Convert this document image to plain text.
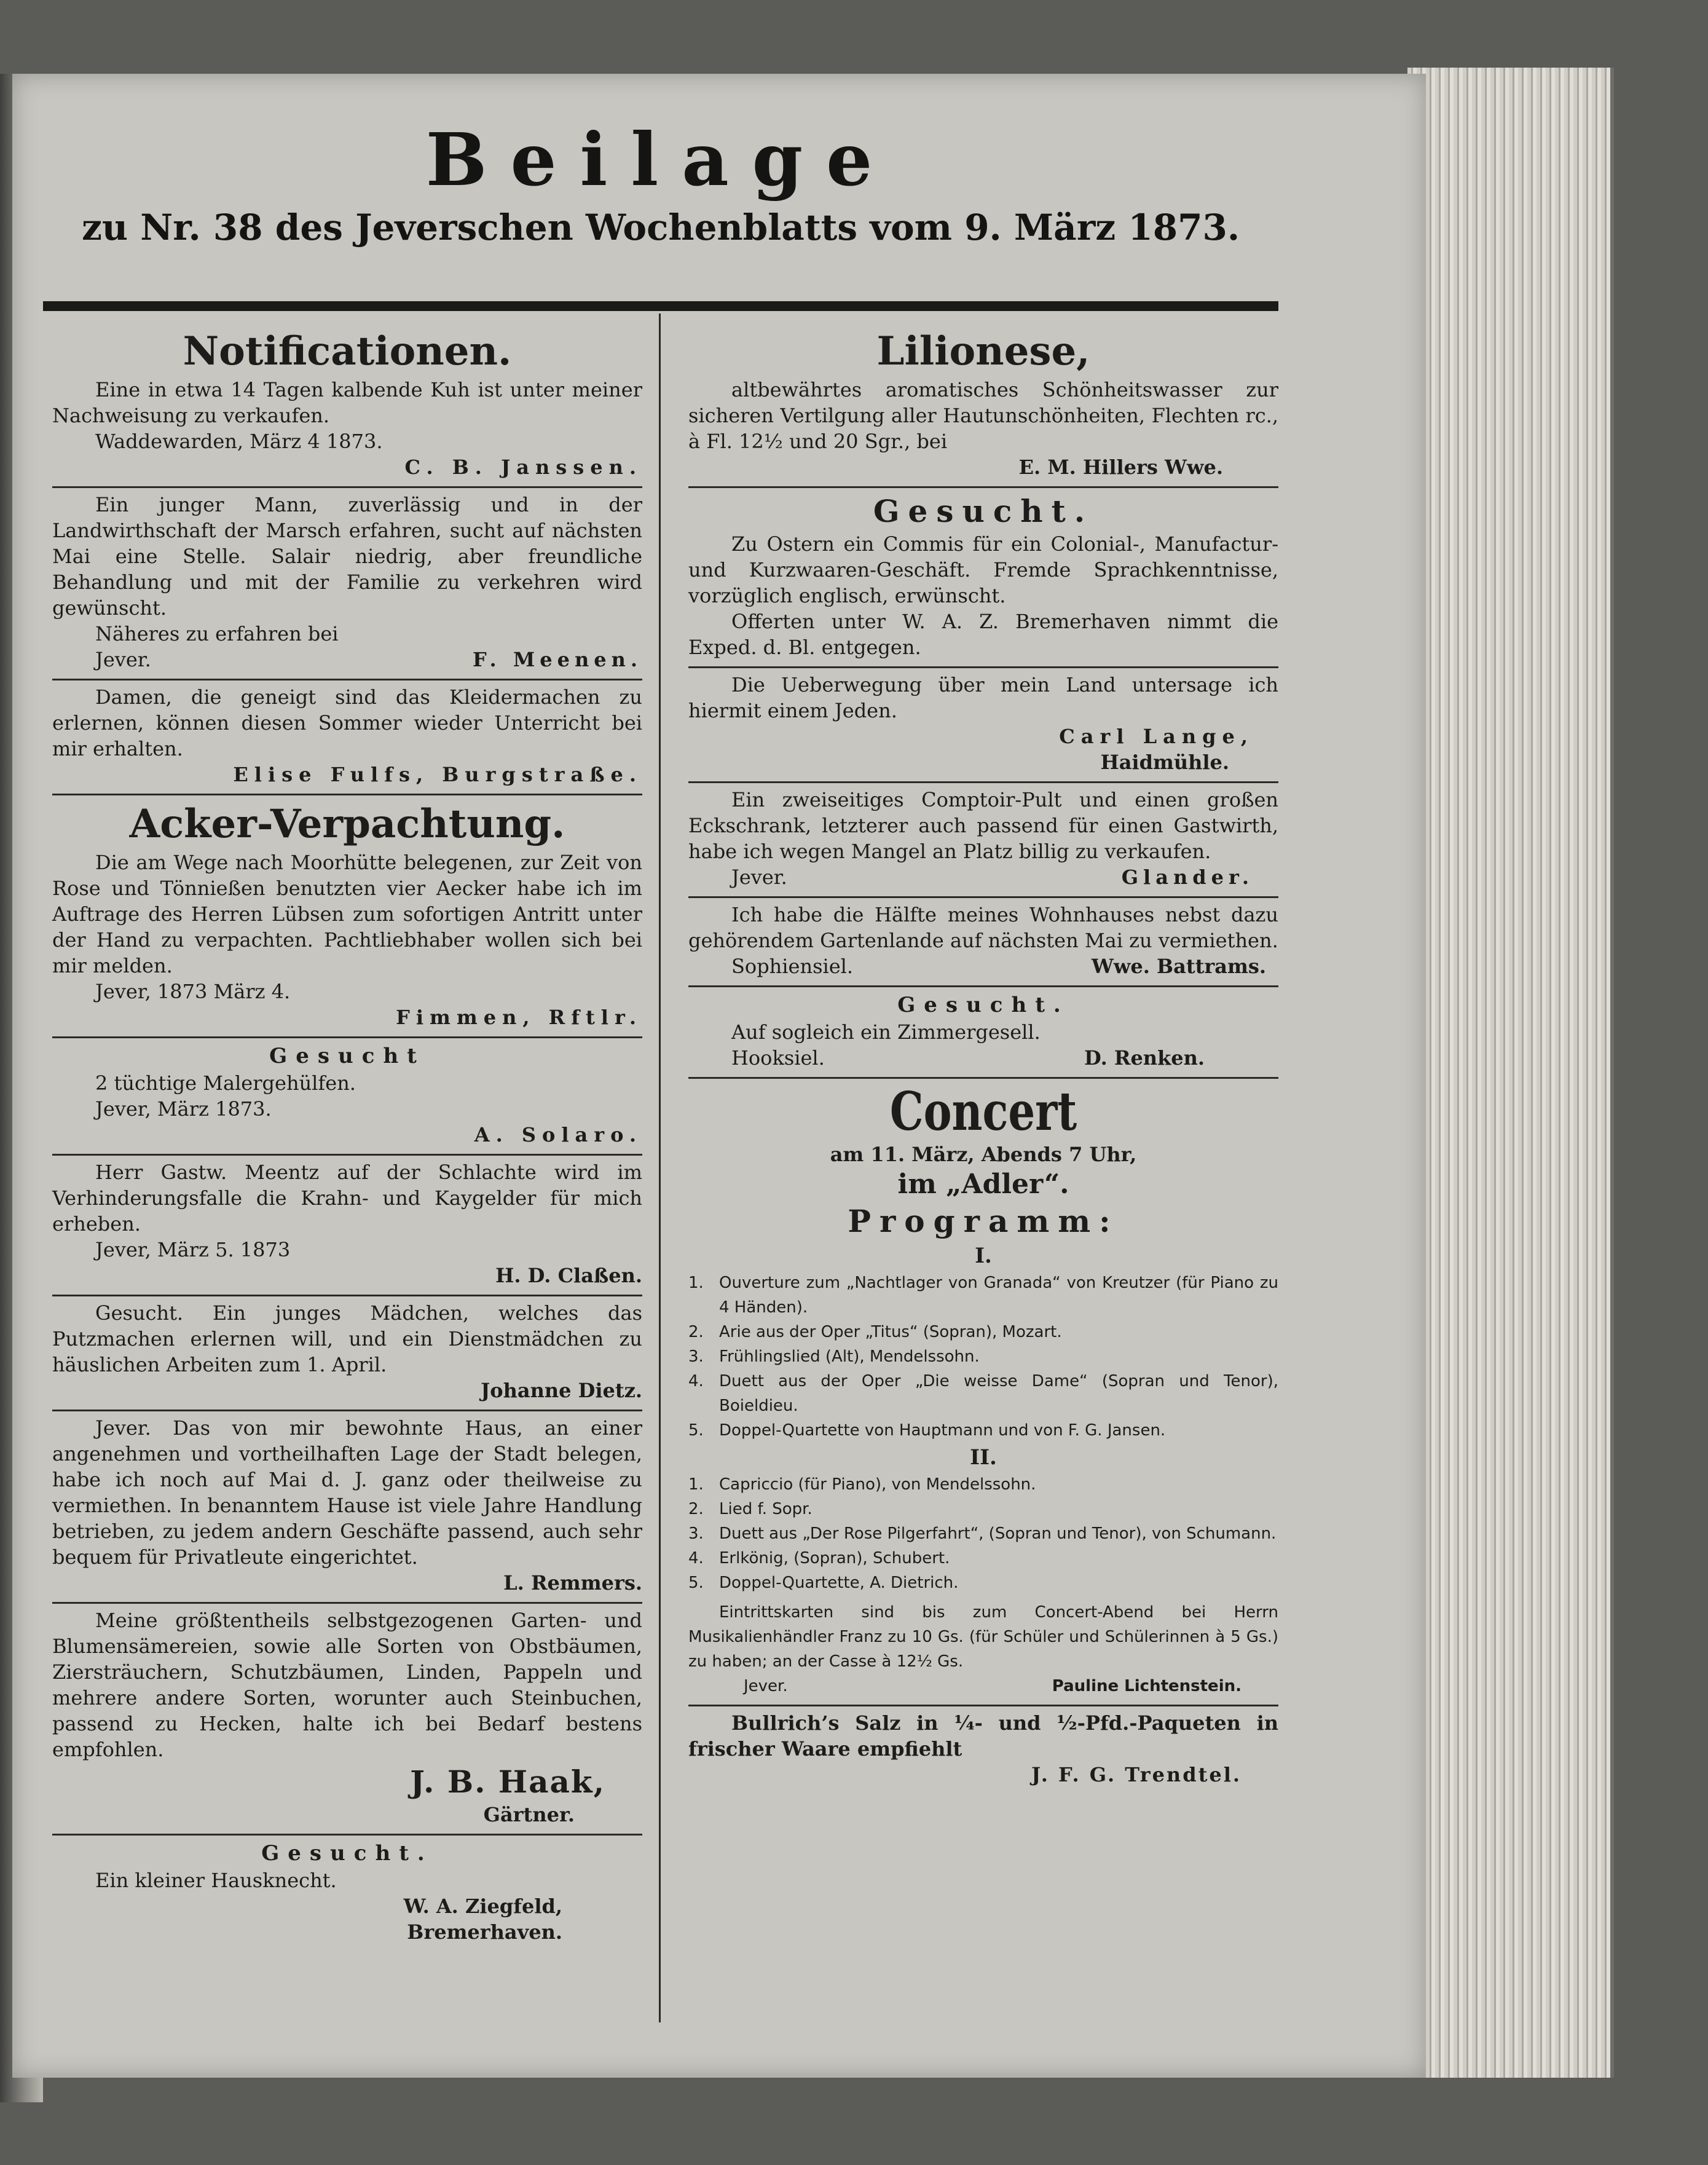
Beilage
zu Nr. 38 des Jeverschen Wochenblatts vom 9. März 1873.

Notificationen.

Eine in etwa 14 Tagen kalbende Kuh ist unter meiner Nachweisung zu verkaufen.

Waddewarden, März 4 1873.

C. B. Janssen.

Ein junger Mann, zuverlässig und in der Landwirthschaft der Marsch erfahren, sucht auf nächsten Mai eine Stelle. Salair niedrig, aber freundliche Behandlung und mit der Familie zu verkehren wird gewünscht.

Näheres zu erfahren bei

Jever.	F. Meenen.

Damen, die geneigt sind das Kleidermachen zu erlernen, können diesen Sommer wieder Unterricht bei mir erhalten.

Elise Fulfs, Burgstraße.

Acker-Verpachtung.

Die am Wege nach Moorhütte belegenen, zur Zeit von Rose und Tönnießen benutzten vier Aecker habe ich im Auftrage des Herren Lübsen zum sofortigen Antritt unter der Hand zu verpachten. Pachtliebhaber wollen sich bei mir melden.

Jever, 1873 März 4.

Fimmen, Rftlr.

Gesucht

2 tüchtige Malergehülfen.

Jever, März 1873.

A. Solaro.

Herr Gastw. Meentz auf der Schlachte wird im Verhinderungsfalle die Krahn- und Kaygelder für mich erheben.

Jever, März 5. 1873

H. D. Claßen.

Gesucht. Ein junges Mädchen, welches das Putzmachen erlernen will, und ein Dienstmädchen zu häuslichen Arbeiten zum 1. April.

Johanne Dietz.

Jever. Das von mir bewohnte Haus, an einer angenehmen und vortheilhaften Lage der Stadt belegen, habe ich noch auf Mai d. J. ganz oder theilweise zu vermiethen. In benanntem Hause ist viele Jahre Handlung betrieben, zu jedem andern Geschäfte passend, auch sehr bequem für Privatleute eingerichtet.

L. Remmers.

Meine größtentheils selbstgezogenen Garten- und Blumensämereien, sowie alle Sorten von Obstbäumen, Ziersträuchern, Schutzbäumen, Linden, Pappeln und mehrere andere Sorten, worunter auch Steinbuchen, passend zu Hecken, halte ich bei Bedarf bestens empfohlen.

J. B. Haak,

Gärtner.

Gesucht.

Ein kleiner Hausknecht.

W. A. Ziegfeld,

Bremerhaven.

Lilionese,

altbewährtes aromatisches Schönheitswasser zur sicheren Vertilgung aller Hautunschönheiten, Flechten rc., à Fl. 12½ und 20 Sgr., bei

E. M. Hillers Wwe.

Gesucht.

Zu Ostern ein Commis für ein Colonial-, Manufactur- und Kurzwaaren-Geschäft. Fremde Sprachkenntnisse, vorzüglich englisch, erwünscht.

Offerten unter W. A. Z. Bremerhaven nimmt die Exped. d. Bl. entgegen.

Die Ueberwegung über mein Land untersage ich hiermit einem Jeden.

Carl Lange,

Haidmühle.

Ein zweiseitiges Comptoir-Pult und einen großen Eckschrank, letzterer auch passend für einen Gastwirth, habe ich wegen Mangel an Platz billig zu verkaufen.

Jever.	Glander.

Ich habe die Hälfte meines Wohnhauses nebst dazu gehörendem Gartenlande auf nächsten Mai zu vermiethen.

Sophiensiel.	Wwe. Battrams.

Gesucht.

Auf sogleich ein Zimmergesell.

Hooksiel.	D. Renken.

Concert

am 11. März, Abends 7 Uhr,

im „Adler“.

Programm:

I.

1. Ouverture zum „Nachtlager von Granada“ von Kreutzer (für Piano zu 4 Händen).
2. Arie aus der Oper „Titus“ (Sopran), Mozart.
3. Frühlingslied (Alt), Mendelssohn.
4. Duett aus der Oper „Die weisse Dame“ (Sopran und Tenor), Boieldieu.
5. Doppel-Quartette von Hauptmann und von F. G. Jansen.

II.

1. Capriccio (für Piano), von Mendelssohn.
2. Lied f. Sopr.
3. Duett aus „Der Rose Pilgerfahrt“, (Sopran und Tenor), von Schumann.
4. Erlkönig, (Sopran), Schubert.
5. Doppel-Quartette, A. Dietrich.

Eintrittskarten sind bis zum Concert-Abend bei Herrn Musikalienhändler Franz zu 10 Gs. (für Schüler und Schülerinnen à 5 Gs.) zu haben; an der Casse à 12½ Gs.

Jever.	Pauline Lichtenstein.

Bullrich’s Salz in ¼- und ½-Pfd.-Paqueten in frischer Waare empfiehlt

J. F. G. Trendtel.
